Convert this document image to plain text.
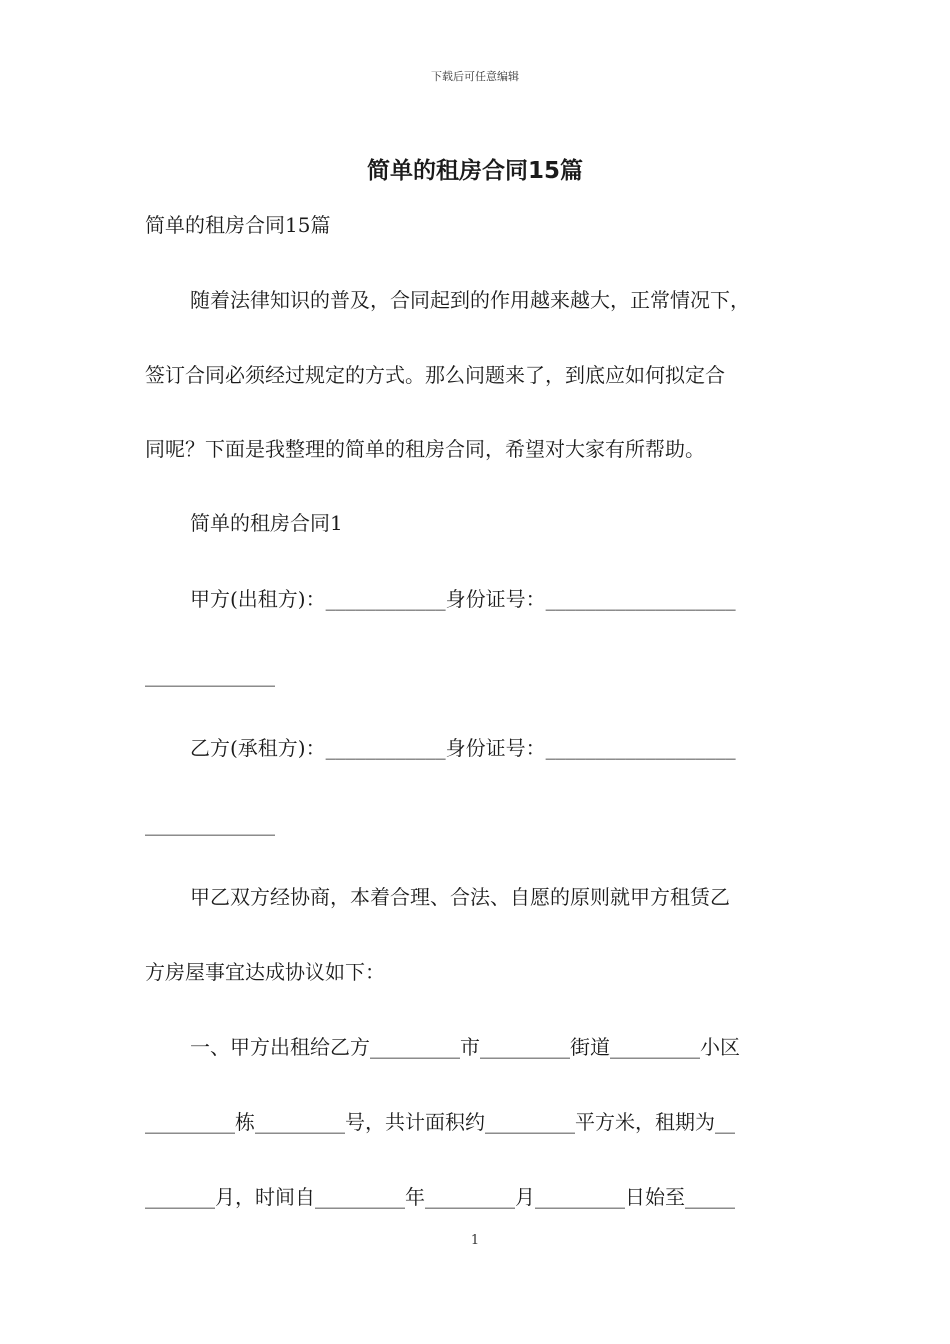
下载后可任意编辑
简单的租房合同15篇

简单的租房合同15篇

随着法律知识的普及，合同起到的作用越来越大，正常情况下，

签订合同必须经过规定的方式。那么问题来了，到底应如何拟定合

同呢？下面是我整理的简单的租房合同，希望对大家有所帮助。

简单的租房合同1

甲方(出租方)：____________身份证号：___________________

_____________

乙方(承租方)：____________身份证号：___________________

_____________

甲乙双方经协商，本着合理、合法、自愿的原则就甲方租赁乙

方房屋事宜达成协议如下：

一、甲方出租给乙方_________市_________街道_________小区

_________栋_________号，共计面积约_________平方米，租期为__

_______月，时间自_________年_________月_________日始至_____

1
